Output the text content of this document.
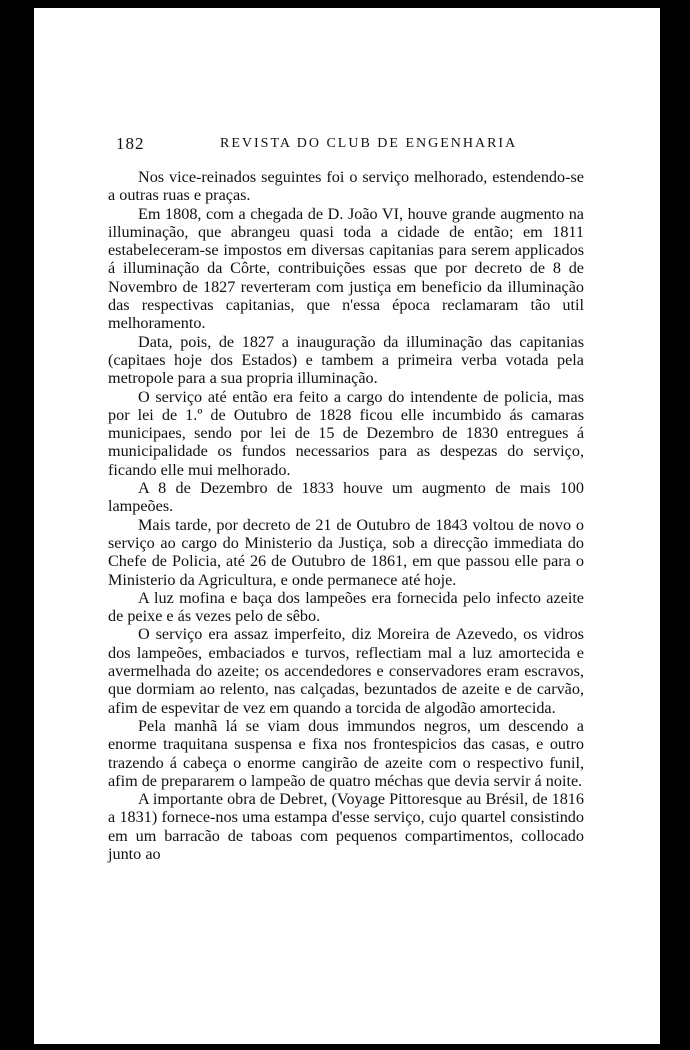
182	REVISTA DO CLUB DE ENGENHARIA

Nos vice-reinados seguintes foi o serviço melhorado, estendendo-se a outras ruas e praças.

Em 1808, com a chegada de D. João VI, houve grande augmento na illuminação, que abrangeu quasi toda a cidade de então; em 1811 estabeleceram-se impostos em diversas capitanias para serem applicados á illuminação da Côrte, contribuições essas que por decreto de 8 de Novembro de 1827 reverteram com justiça em beneficio da illuminação das respectivas capitanias, que n'essa época reclamaram tão util melhoramento.

Data, pois, de 1827 a inauguração da illuminação das capitanias (capitaes hoje dos Estados) e tambem a primeira verba votada pela metropole para a sua propria illuminação.

O serviço até então era feito a cargo do intendente de policia, mas por lei de 1.º de Outubro de 1828 ficou elle incumbido ás camaras municipaes, sendo por lei de 15 de Dezembro de 1830 entregues á municipalidade os fundos necessarios para as despezas do serviço, ficando elle mui melhorado.

A 8 de Dezembro de 1833 houve um augmento de mais 100 lampeões.

Mais tarde, por decreto de 21 de Outubro de 1843 voltou de novo o serviço ao cargo do Ministerio da Justiça, sob a direcção immediata do Chefe de Policia, até 26 de Outubro de 1861, em que passou elle para o Ministerio da Agricultura, e onde permanece até hoje.

A luz mofina e baça dos lampeões era fornecida pelo infecto azeite de peixe e ás vezes pelo de sêbo.

O serviço era assaz imperfeito, diz Moreira de Azevedo, os vidros dos lampeões, embaciados e turvos, reflectiam mal a luz amortecida e avermelhada do azeite; os accendedores e conservadores eram escravos, que dormiam ao relento, nas calçadas, bezuntados de azeite e de carvão, afim de espevitar de vez em quando a torcida de algodão amortecida.

Pela manhã lá se viam dous immundos negros, um descendo a enorme traquitana suspensa e fixa nos frontespicios das casas, e outro trazendo á cabeça o enorme cangirão de azeite com o respectivo funil, afim de prepararem o lampeão de quatro méchas que devia servir á noite.

A importante obra de Debret, (Voyage Pittoresque au Brésil, de 1816 a 1831) fornece-nos uma estampa d'esse serviço, cujo quartel consistindo em um barracão de taboas com pequenos compartimentos, collocado junto ao
